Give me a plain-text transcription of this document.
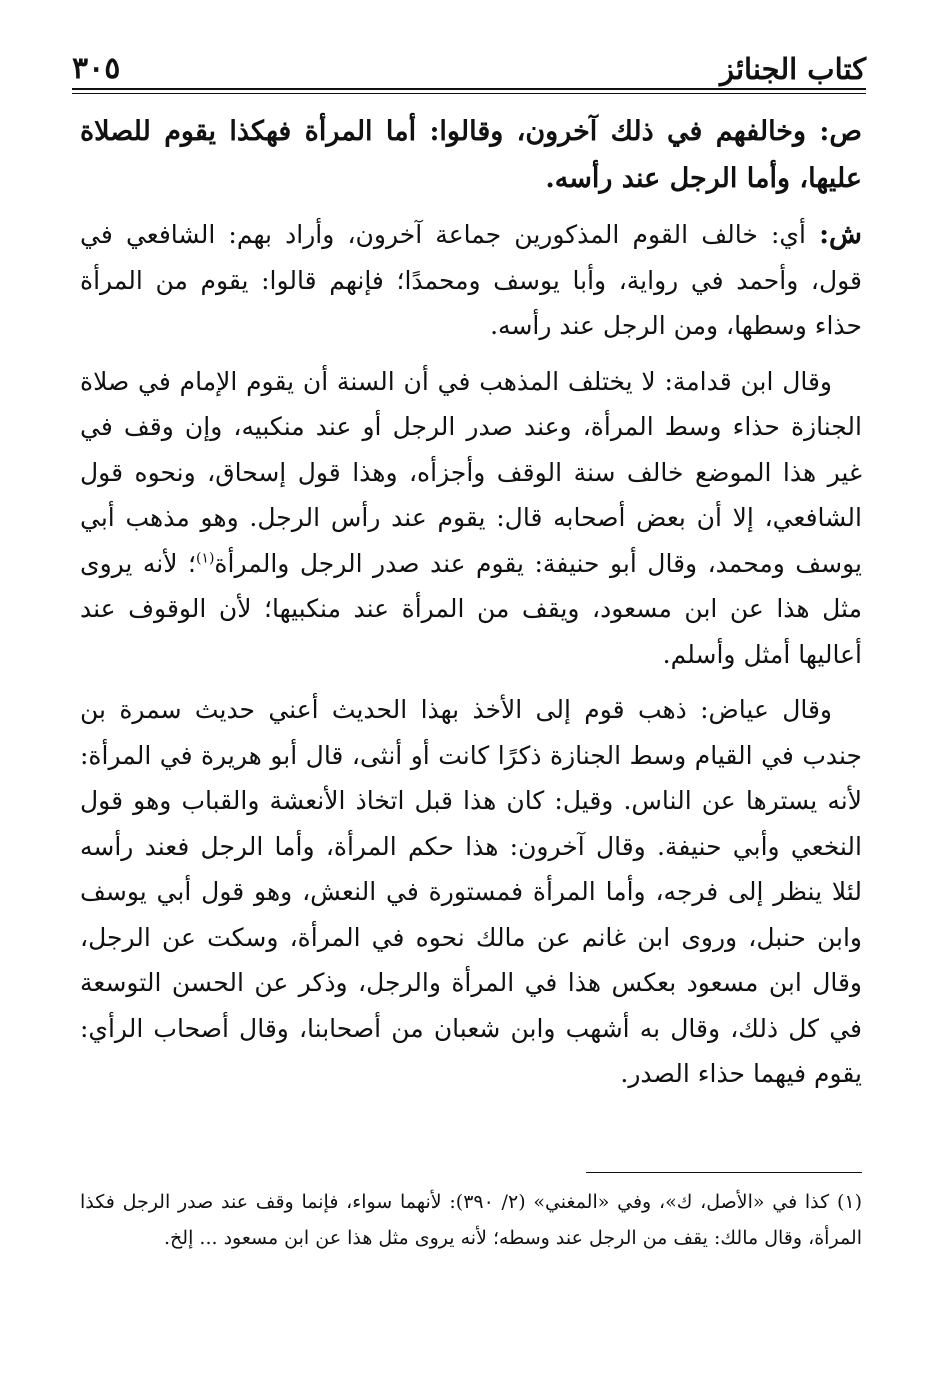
كتاب الجنائز
٣٠٥

ص: وخالفهم في ذلك آخرون، وقالوا: أما المرأة فهكذا يقوم للصلاة عليها، وأما الرجل عند رأسه.

ش: أي: خالف القوم المذكورين جماعة آخرون، وأراد بهم: الشافعي في قول، وأحمد في رواية، وأبا يوسف ومحمدًا؛ فإنهم قالوا: يقوم من المرأة حذاء وسطها، ومن الرجل عند رأسه.

وقال ابن قدامة: لا يختلف المذهب في أن السنة أن يقوم الإمام في صلاة الجنازة حذاء وسط المرأة، وعند صدر الرجل أو عند منكبيه، وإن وقف في غير هذا الموضع خالف سنة الوقف وأجزأه، وهذا قول إسحاق، ونحوه قول الشافعي، إلا أن بعض أصحابه قال: يقوم عند رأس الرجل. وهو مذهب أبي يوسف ومحمد، وقال أبو حنيفة: يقوم عند صدر الرجل والمرأة$^{(١)}$؛ لأنه يروى مثل هذا عن ابن مسعود، ويقف من المرأة عند منكبيها؛ لأن الوقوف عند أعاليها أمثل وأسلم.

وقال عياض: ذهب قوم إلى الأخذ بهذا الحديث أعني حديث سمرة بن جندب في القيام وسط الجنازة ذكرًا كانت أو أنثى، قال أبو هريرة في المرأة: لأنه يسترها عن الناس. وقيل: كان هذا قبل اتخاذ الأنعشة والقباب وهو قول النخعي وأبي حنيفة. وقال آخرون: هذا حكم المرأة، وأما الرجل فعند رأسه لئلا ينظر إلى فرجه، وأما المرأة فمستورة في النعش، وهو قول أبي يوسف وابن حنبل، وروى ابن غانم عن مالك نحوه في المرأة، وسكت عن الرجل، وقال ابن مسعود بعكس هذا في المرأة والرجل، وذكر عن الحسن التوسعة في كل ذلك، وقال به أشهب وابن شعبان من أصحابنا، وقال أصحاب الرأي: يقوم فيهما حذاء الصدر.

(١) كذا في «الأصل، ك»، وفي «المغني» (٢/ ٣٩٠): لأنهما سواء، فإنما وقف عند صدر الرجل فكذا المرأة، وقال مالك: يقف من الرجل عند وسطه؛ لأنه يروى مثل هذا عن ابن مسعود ... إلخ.
